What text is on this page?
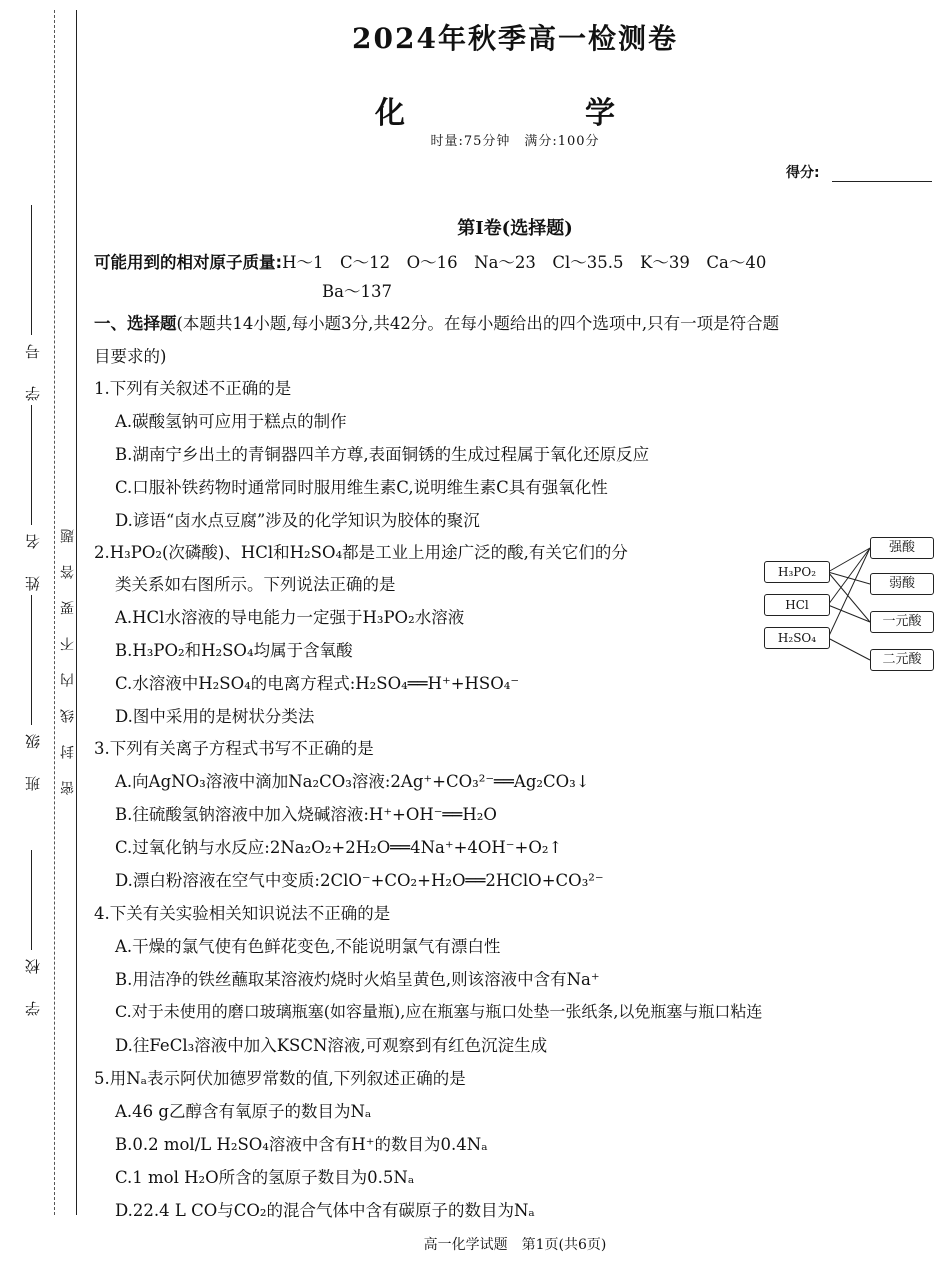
学　号
姓　名
班　级
学　校
密封线内不要答题
2024年秋季高一检测卷
化　　学
时量:75分钟　满分:100分
得分:
第Ⅰ卷(选择题)
可能用到的相对原子质量:H～1　C～12　O～16　Na～23　Cl～35.5　K～39　Ca～40
Ba～137
一、选择题(本题共14小题,每小题3分,共42分。在每小题给出的四个选项中,只有一项是符合题
目要求的)
1.下列有关叙述不正确的是
A.碳酸氢钠可应用于糕点的制作
B.湖南宁乡出土的青铜器四羊方尊,表面铜锈的生成过程属于氧化还原反应
C.口服补铁药物时通常同时服用维生素C,说明维生素C具有强氧化性
D.谚语“卤水点豆腐”涉及的化学知识为胶体的聚沉
2.H₃PO₂(次磷酸)、HCl和H₂SO₄都是工业上用途广泛的酸,有关它们的分
类关系如右图所示。下列说法正确的是
A.HCl水溶液的导电能力一定强于H₃PO₂水溶液
B.H₃PO₂和H₂SO₄均属于含氧酸
C.水溶液中H₂SO₄的电离方程式:H₂SO₄══H⁺+HSO₄⁻
D.图中采用的是树状分类法
H₃PO₂
HCl
H₂SO₄
强酸
弱酸
一元酸
二元酸
3.下列有关离子方程式书写不正确的是
A.向AgNO₃溶液中滴加Na₂CO₃溶液:2Ag⁺+CO₃²⁻══Ag₂CO₃↓
B.往硫酸氢钠溶液中加入烧碱溶液:H⁺+OH⁻══H₂O
C.过氧化钠与水反应:2Na₂O₂+2H₂O══4Na⁺+4OH⁻+O₂↑
D.漂白粉溶液在空气中变质:2ClO⁻+CO₂+H₂O══2HClO+CO₃²⁻
4.下关有关实验相关知识说法不正确的是
A.干燥的氯气使有色鲜花变色,不能说明氯气有漂白性
B.用洁净的铁丝蘸取某溶液灼烧时火焰呈黄色,则该溶液中含有Na⁺
C.对于未使用的磨口玻璃瓶塞(如容量瓶),应在瓶塞与瓶口处垫一张纸条,以免瓶塞与瓶口粘连
D.往FeCl₃溶液中加入KSCN溶液,可观察到有红色沉淀生成
5.用Nₐ表示阿伏加德罗常数的值,下列叙述正确的是
A.46 g乙醇含有氧原子的数目为Nₐ
B.0.2 mol/L H₂SO₄溶液中含有H⁺的数目为0.4Nₐ
C.1 mol H₂O所含的氢原子数目为0.5Nₐ
D.22.4 L CO与CO₂的混合气体中含有碳原子的数目为Nₐ
高一化学试题　第1页(共6页)
